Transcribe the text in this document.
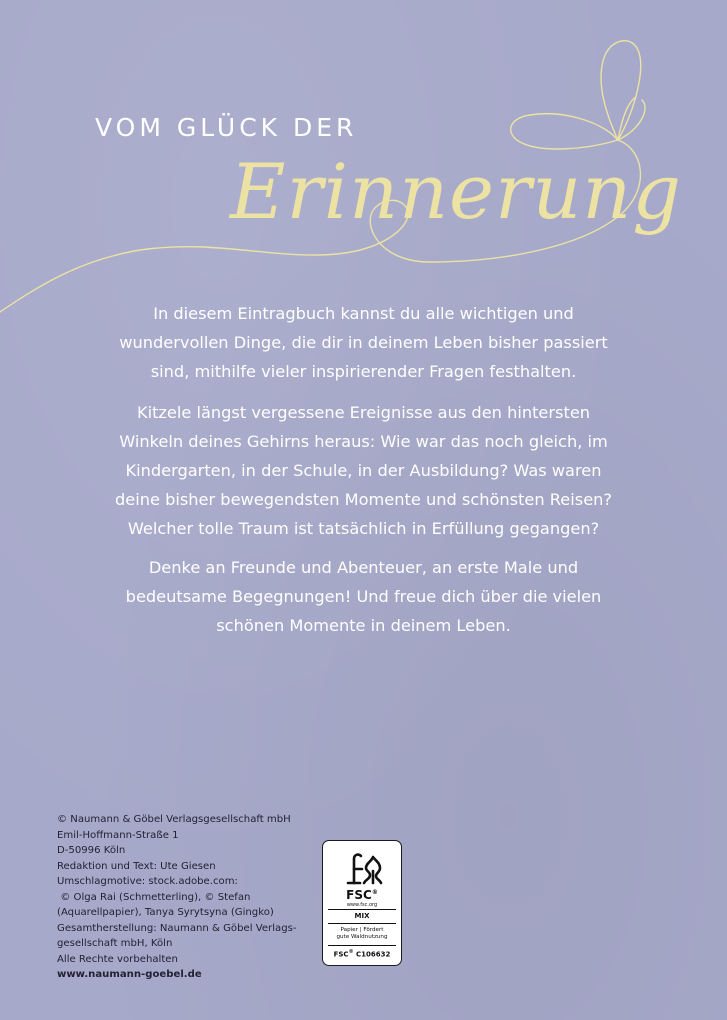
VOM GLÜCK DER
Erinnerung
In diesem Eintragbuch kannst du alle wichtigen und
wundervollen Dinge, die dir in deinem Leben bisher passiert
sind, mithilfe vieler inspirierender Fragen festhalten.
Kitzele längst vergessene Ereignisse aus den hintersten
Winkeln deines Gehirns heraus: Wie war das noch gleich, im
Kindergarten, in der Schule, in der Ausbildung? Was waren
deine bisher bewegendsten Momente und schönsten Reisen?
Welcher tolle Traum ist tatsächlich in Erfüllung gegangen?
Denke an Freunde und Abenteuer, an erste Male und
bedeutsame Begegnungen! Und freue dich über die vielen
schönen Momente in deinem Leben.
© Naumann & Göbel Verlagsgesellschaft mbH
Emil-Hoffmann-Straße 1
D-50996 Köln
Redaktion und Text: Ute Giesen
Umschlagmotive: stock.adobe.com:
© Olga Rai (Schmetterling), © Stefan
(Aquarellpapier), Tanya Syrytsyna (Gingko)
Gesamtherstellung: Naumann & Göbel Verlags-
gesellschaft mbH, Köln
Alle Rechte vorbehalten
www.naumann-goebel.de
FSC®
www.fsc.org
MIX
Papier | Fördert
gute Waldnutzung
FSC® C106632
